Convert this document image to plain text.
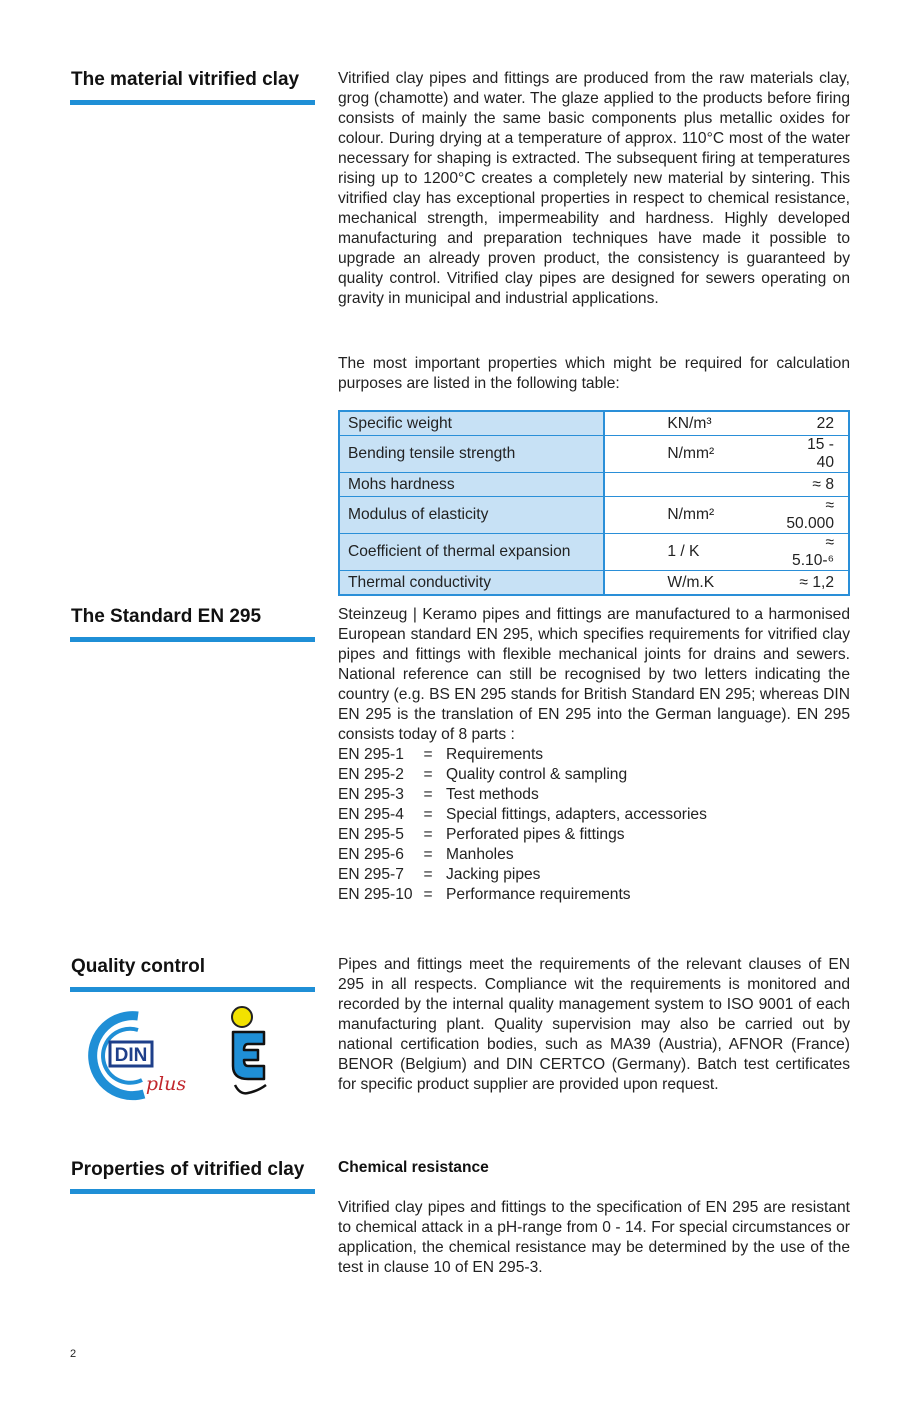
The material vitrified clay	Vitrified clay pipes and fittings are produced from the raw materials clay, grog (chamotte) and water. The glaze applied to the products before firing consists of mainly the same basic components plus metallic oxides for colour. During drying at a temperature of approx. 110°C most of the water necessary for shaping is extracted. The subsequent firing at temperatures rising up to 1200°C creates a completely new material by sintering. This vitrified clay has exceptional properties in respect to chemical resistance, mechanical strength, impermeability and hardness. Highly developed manufacturing and preparation techniques have made it possible to upgrade an already proven product, the consistency is guaranteed by quality control. Vitrified clay pipes are designed for sewers operating on gravity in municipal and industrial applications.
The most important properties which might be required for calculation purposes are listed in the following table:
Specific weight	KN/m³	22
Bending tensile strength	N/mm²	15 - 40
Mohs hardness		≈ 8
Modulus of elasticity	N/mm²	≈ 50.000
Coefficient of thermal expansion	1 / K	≈ 5.10-⁶
Thermal conductivity	W/m.K	≈ 1,2
The Standard EN 295	Steinzeug | Keramo pipes and fittings are manufactured to a harmonised European standard EN 295, which specifies requirements for vitrified clay pipes and fittings with flexible mechanical joints for drains and sewers. National reference can still be recognised by two letters indicating the country (e.g. BS EN 295 stands for British Standard EN 295; whereas DIN EN 295 is the translation of EN 295 into the German language). EN 295 consists today of 8 parts :
EN 295-1	= Requirements
EN 295-2	= Quality control & sampling
EN 295-3	= Test methods
EN 295-4	= Special fittings, adapters, accessories
EN 295-5	= Perforated pipes & fittings
EN 295-6	= Manholes
EN 295-7	= Jacking pipes
EN 295-10 = Performance requirements
Quality control	Pipes and fittings meet the requirements of the relevant clauses of EN 295 in all respects. Compliance wit the requirements is monitored and recorded by the internal quality management system to ISO 9001 of each manufacturing plant. Quality supervision may also be carried out by national certification bodies, such as MA39 (Austria), AFNOR (France) BENOR (Belgium) and DIN CERTCO (Germany). Batch test certificates for specific product supplier are provided upon request.
DIN
plus
Properties of vitrified clay	Chemical resistance
Vitrified clay pipes and fittings to the specification of EN 295 are resistant to chemical attack in a pH-range from 0 - 14. For special circumstances or application, the chemical resistance may be determined by the use of the test in clause 10 of EN 295-3.
2
